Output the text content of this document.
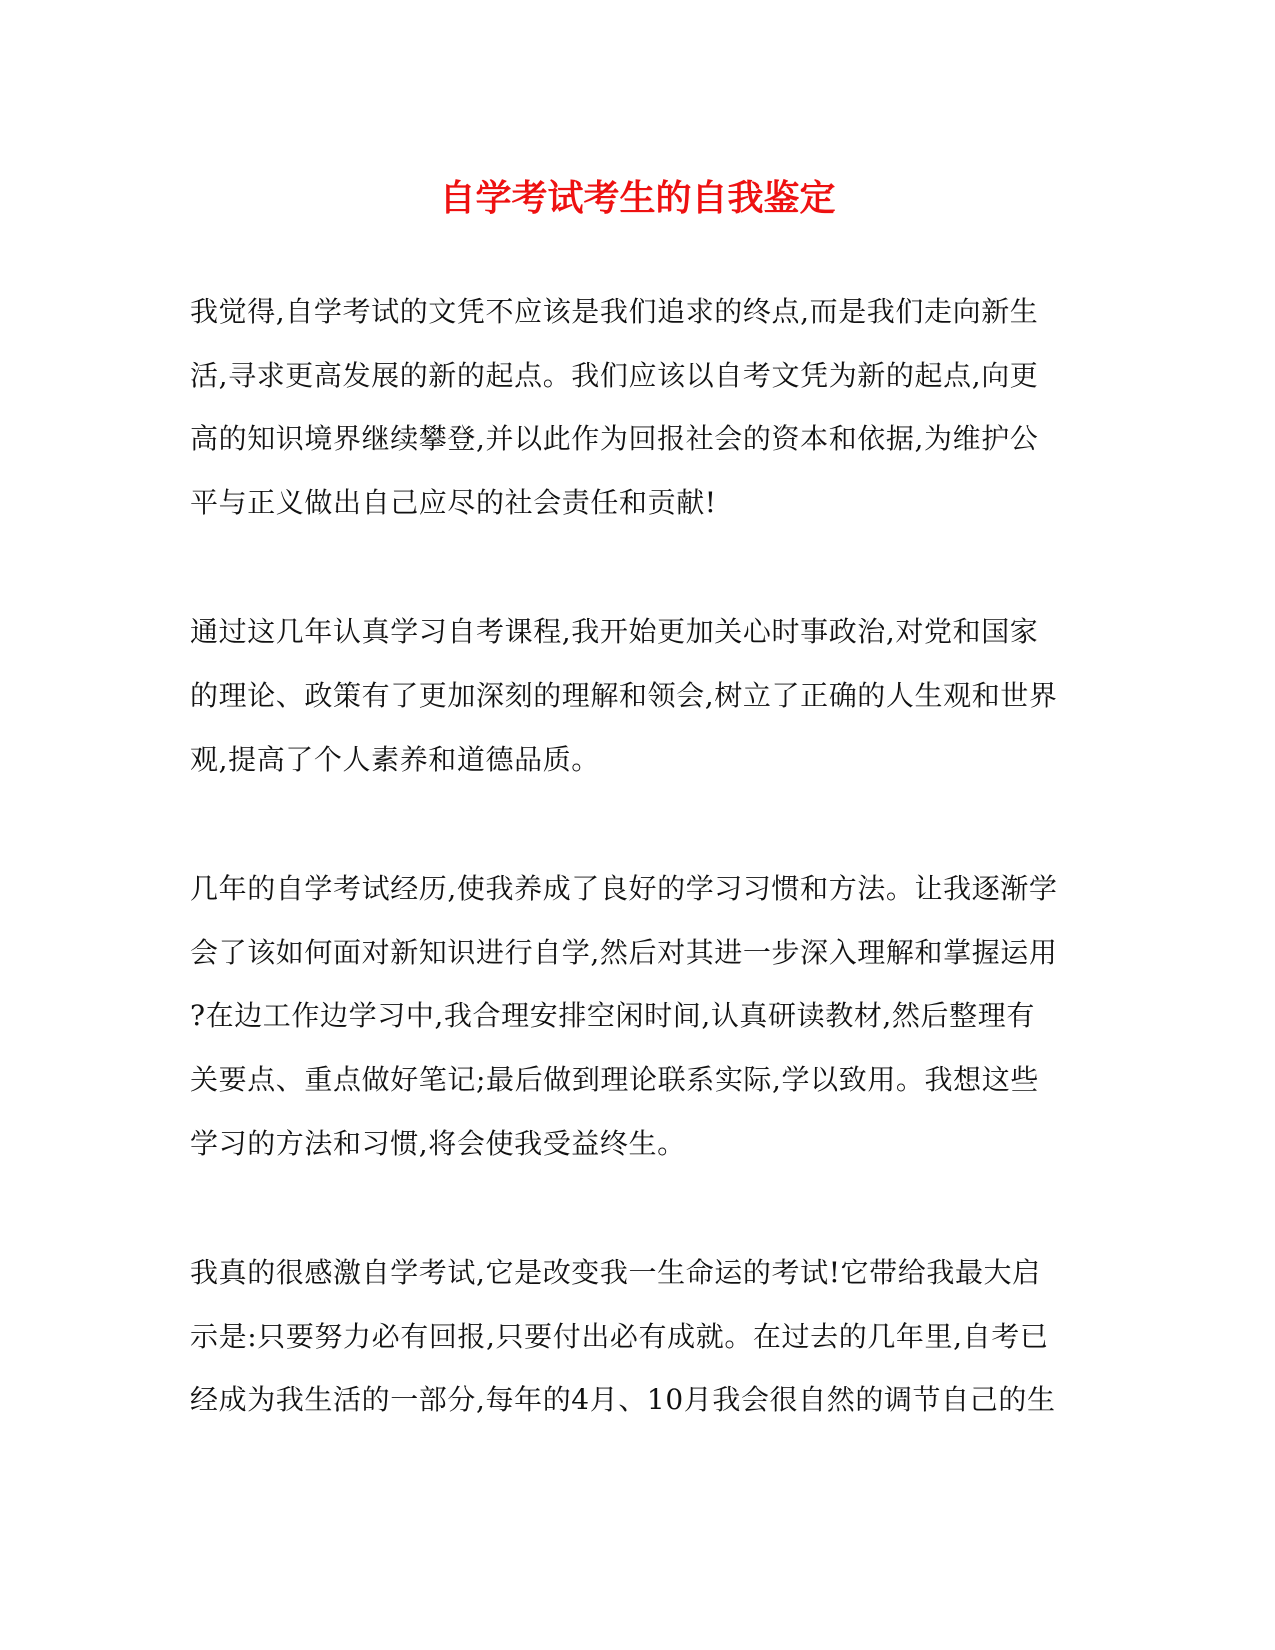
自学考试考生的自我鉴定
我觉得,自学考试的文凭不应该是我们追求的终点,而是我们走向新生
活,寻求更高发展的新的起点。我们应该以自考文凭为新的起点,向更
高的知识境界继续攀登,并以此作为回报社会的资本和依据,为维护公
平与正义做出自己应尽的社会责任和贡献!
通过这几年认真学习自考课程,我开始更加关心时事政治,对党和国家
的理论、政策有了更加深刻的理解和领会,树立了正确的人生观和世界
观,提高了个人素养和道德品质。
几年的自学考试经历,使我养成了良好的学习习惯和方法。让我逐渐学
会了该如何面对新知识进行自学,然后对其进一步深入理解和掌握运用
?在边工作边学习中,我合理安排空闲时间,认真研读教材,然后整理有
关要点、重点做好笔记;最后做到理论联系实际,学以致用。我想这些
学习的方法和习惯,将会使我受益终生。
我真的很感激自学考试,它是改变我一生命运的考试!它带给我最大启
示是:只要努力必有回报,只要付出必有成就。在过去的几年里,自考已
经成为我生活的一部分,每年的4月、10月我会很自然的调节自己的生
